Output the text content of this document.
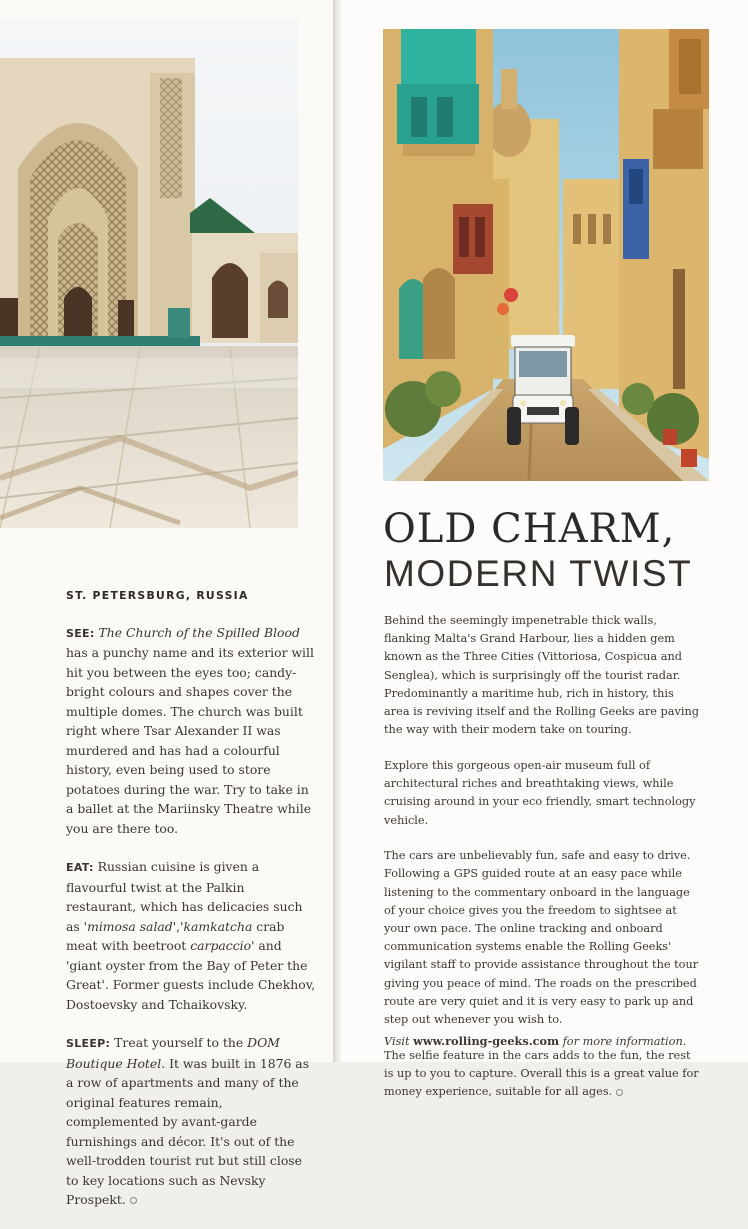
ST. PETERSBURG, RUSSIA

SEE: The Church of the Spilled Blood has a punchy name and its exterior will hit you between the eyes too; candy-bright colours and shapes cover the multiple domes. The church was built right where Tsar Alexander II was murdered and has had a colourful history, even being used to store potatoes during the war. Try to take in a ballet at the Mariinsky Theatre while you are there too.

EAT: Russian cuisine is given a flavourful twist at the Palkin restaurant, which has delicacies such as 'mimosa salad','kamkatcha crab meat with beetroot carpaccio' and 'giant oyster from the Bay of Peter the Great'. Former guests include Chekhov, Dostoevsky and Tchaikovsky.

SLEEP: Treat yourself to the DOM Boutique Hotel. It was built in 1876 as a row of apartments and many of the original features remain, complemented by avant-garde furnishings and décor. It's out of the well-trodden tourist rut but still close to key locations such as Nevsky Prospekt.

OLD CHARM,
MODERN TWIST

Behind the seemingly impenetrable thick walls, flanking Malta's Grand Harbour, lies a hidden gem known as the Three Cities (Vittoriosa, Cospicua and Senglea), which is surprisingly off the tourist radar. Predominantly a maritime hub, rich in history, this area is reviving itself and the Rolling Geeks are paving the way with their modern take on touring.

Explore this gorgeous open-air museum full of architectural riches and breathtaking views, while cruising around in your eco friendly, smart technology vehicle.

The cars are unbelievably fun, safe and easy to drive. Following a GPS guided route at an easy pace while listening to the commentary onboard in the language of your choice gives you the freedom to sightsee at your own pace. The online tracking and onboard communication systems enable the Rolling Geeks' vigilant staff to provide assistance throughout the tour giving you peace of mind. The roads on the prescribed route are very quiet and it is very easy to park up and step out whenever you wish to.

The selfie feature in the cars adds to the fun, the rest is up to you to capture. Overall this is a great value for money experience, suitable for all ages.

Visit www.rolling-geeks.com for more information.
